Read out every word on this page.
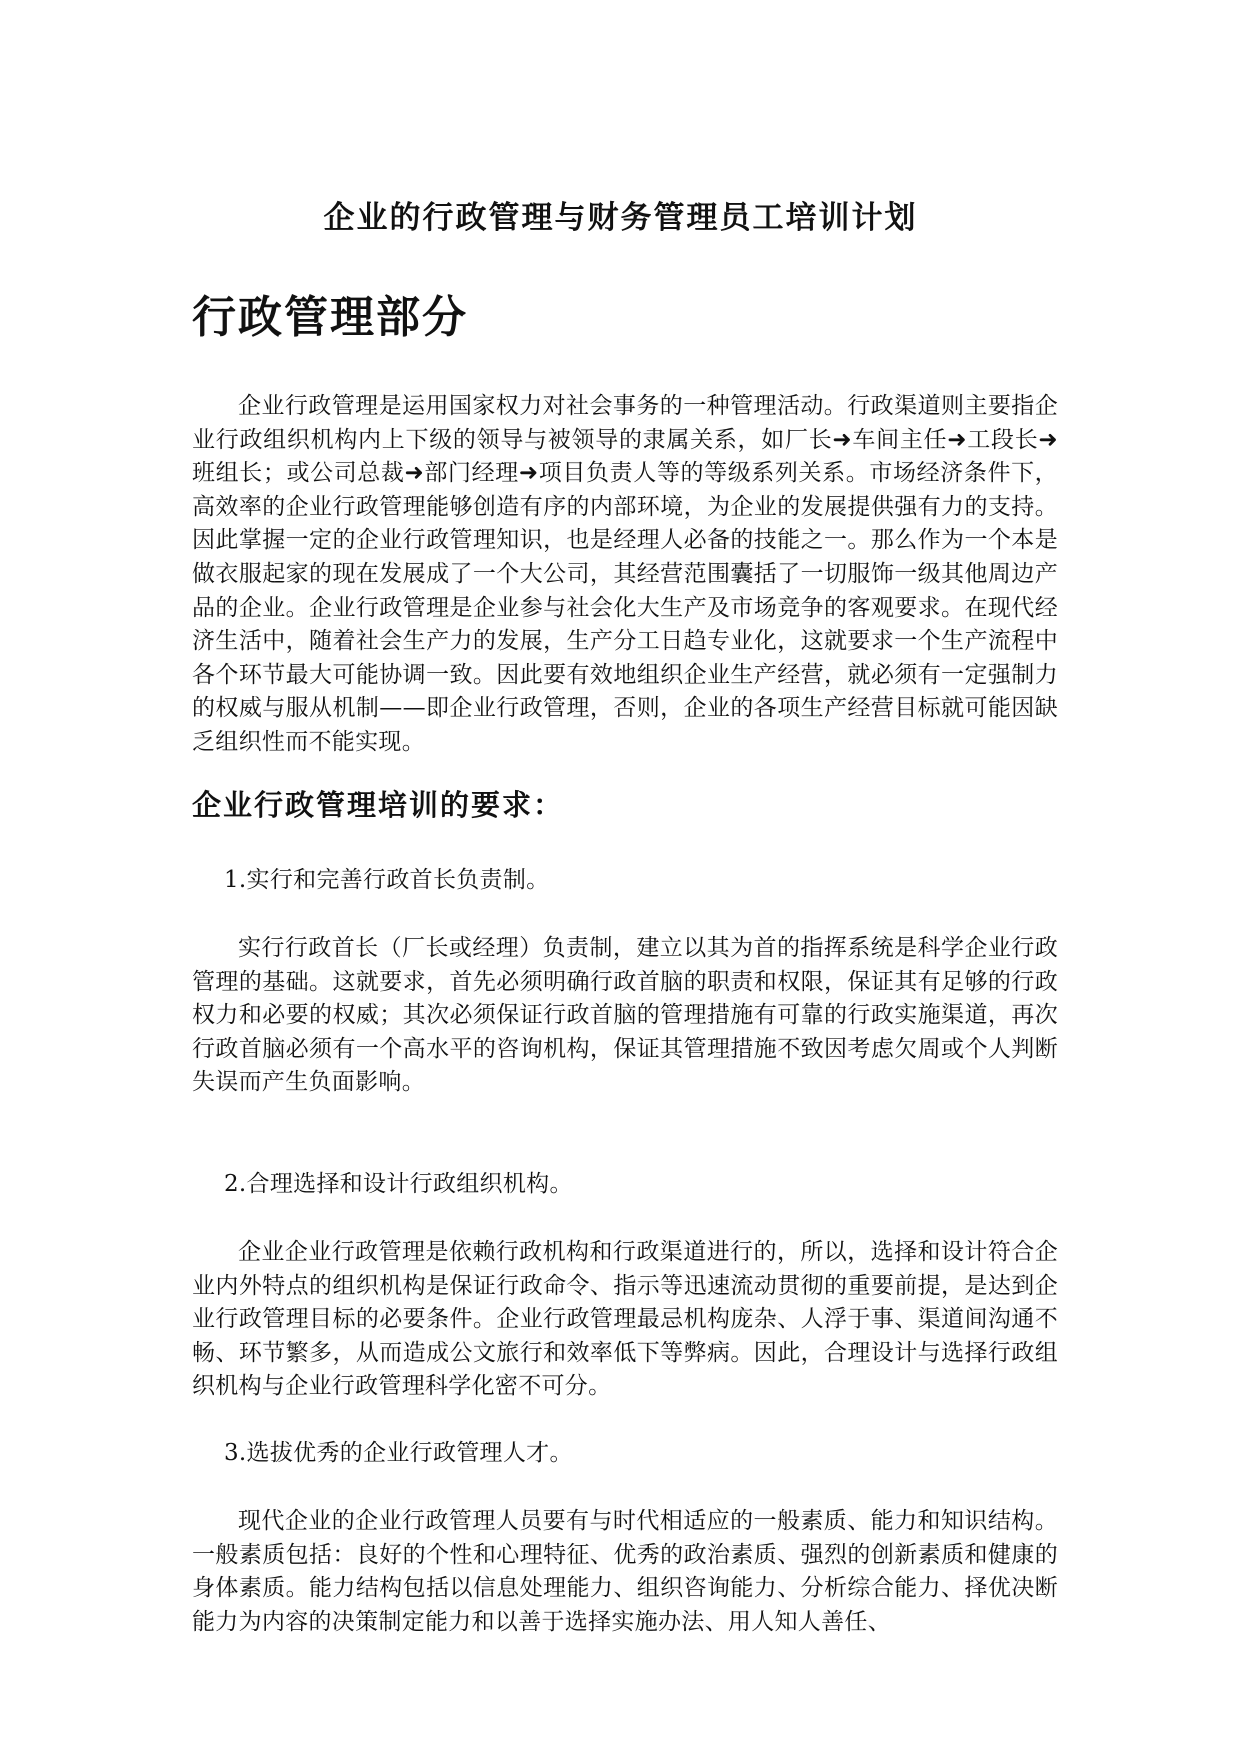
企业的行政管理与财务管理员工培训计划
行政管理部分

企业行政管理是运用国家权力对社会事务的一种管理活动。行政渠道则主要指企业行政组织机构内上下级的领导与被领导的隶属关系，如厂长➜车间主任➜工段长➜班组长；或公司总裁➜部门经理➜项目负责人等的等级系列关系。市场经济条件下，高效率的企业行政管理能够创造有序的内部环境，为企业的发展提供强有力的支持。因此掌握一定的企业行政管理知识，也是经理人必备的技能之一。那么作为一个本是做衣服起家的现在发展成了一个大公司，其经营范围囊括了一切服饰一级其他周边产品的企业。企业行政管理是企业参与社会化大生产及市场竞争的客观要求。在现代经济生活中，随着社会生产力的发展，生产分工日趋专业化，这就要求一个生产流程中各个环节最大可能协调一致。因此要有效地组织企业生产经营，就必须有一定强制力的权威与服从机制——即企业行政管理，否则，企业的各项生产经营目标就可能因缺乏组织性而不能实现。

企业行政管理培训的要求：

1.实行和完善行政首长负责制。

实行行政首长（厂长或经理）负责制，建立以其为首的指挥系统是科学企业行政管理的基础。这就要求，首先必须明确行政首脑的职责和权限，保证其有足够的行政权力和必要的权威；其次必须保证行政首脑的管理措施有可靠的行政实施渠道，再次行政首脑必须有一个高水平的咨询机构，保证其管理措施不致因考虑欠周或个人判断失误而产生负面影响。

2.合理选择和设计行政组织机构。

企业企业行政管理是依赖行政机构和行政渠道进行的，所以，选择和设计符合企业内外特点的组织机构是保证行政命令、指示等迅速流动贯彻的重要前提，是达到企业行政管理目标的必要条件。企业行政管理最忌机构庞杂、人浮于事、渠道间沟通不畅、环节繁多，从而造成公文旅行和效率低下等弊病。因此，合理设计与选择行政组织机构与企业行政管理科学化密不可分。

3.选拔优秀的企业行政管理人才。

现代企业的企业行政管理人员要有与时代相适应的一般素质、能力和知识结构。一般素质包括：良好的个性和心理特征、优秀的政治素质、强烈的创新素质和健康的身体素质。能力结构包括以信息处理能力、组织咨询能力、分析综合能力、择优决断能力为内容的决策制定能力和以善于选择实施办法、用人知人善任、
